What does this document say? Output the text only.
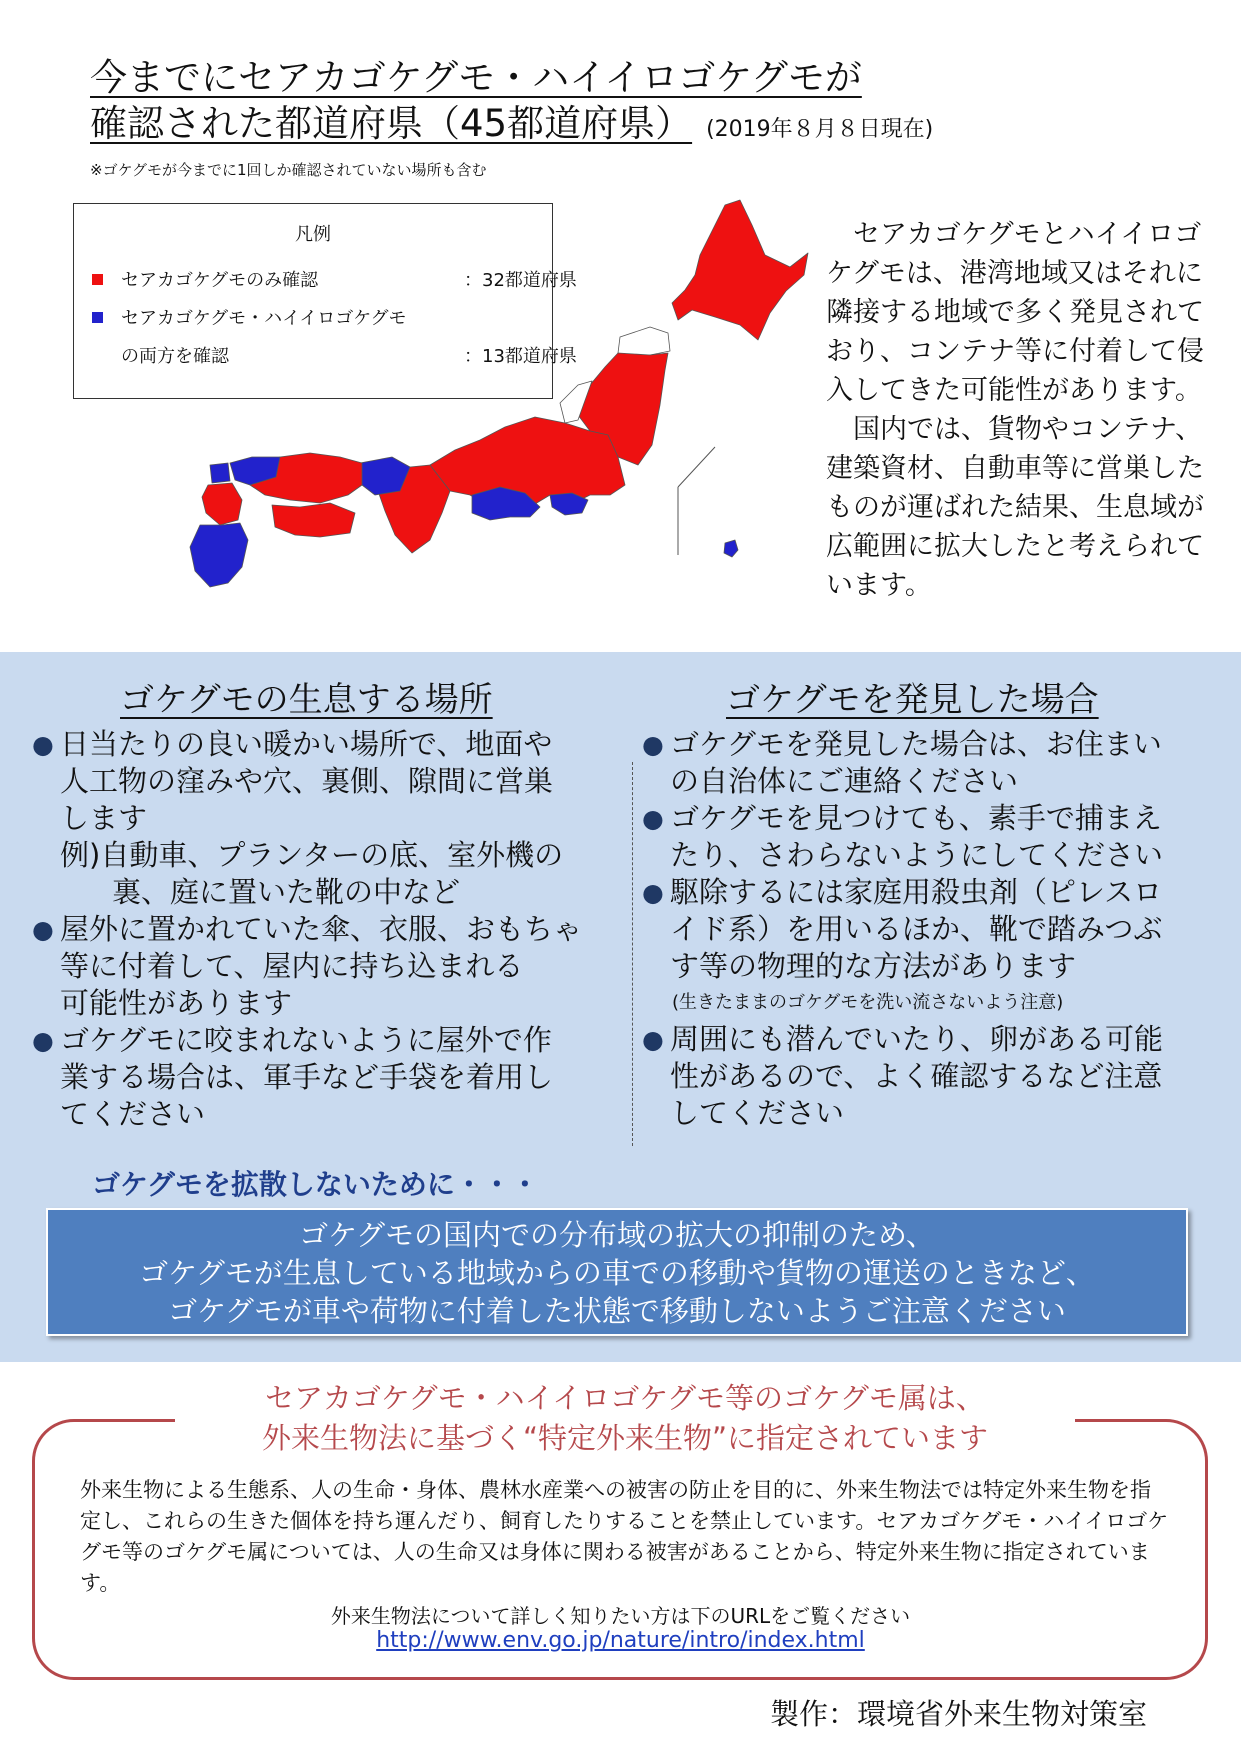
今までにセアカゴケグモ・ハイイロゴケグモが
確認された都道府県（45都道府県） (2019年８月８日現在)
※ゴケグモが今までに1回しか確認されていない場所も含む
凡例
セアカゴケグモのみ確認	：32都道府県
セアカゴケグモ・ハイイロゴケグモ
の両方を確認	：13都道府県

セアカゴケグモとハイイロゴケグモは、港湾地域又はそれに隣接する地域で多く発見されており、コンテナ等に付着して侵入してきた可能性があります。

国内では、貨物やコンテナ、建築資材、自動車等に営巣したものが運ばれた結果、生息域が広範囲に拡大したと考えられています。

ゴケグモの生息する場所	ゴケグモを発見した場合
● 日当たりの良い暖かい場所で、地面や
人工物の窪みや穴、裏側、隙間に営巣
します
例)自動車、プランターの底、室外機の
裏、庭に置いた靴の中など
● 屋外に置かれていた傘、衣服、おもちゃ
等に付着して、屋内に持ち込まれる
可能性があります
● ゴケグモに咬まれないように屋外で作
業する場合は、軍手など手袋を着用し
てください
● ゴケグモを発見した場合は、お住まい
の自治体にご連絡ください
● ゴケグモを見つけても、素手で捕まえ
たり、さわらないようにしてください
● 駆除するには家庭用殺虫剤（ピレスロ
イド系）を用いるほか、靴で踏みつぶ
す等の物理的な方法があります
(生きたままのゴケグモを洗い流さないよう注意)
● 周囲にも潜んでいたり、卵がある可能
性があるので、よく確認するなど注意
してください
ゴケグモを拡散しないために・・・
ゴケグモの国内での分布域の拡大の抑制のため、
ゴケグモが生息している地域からの車での移動や貨物の運送のときなど、
ゴケグモが車や荷物に付着した状態で移動しないようご注意ください
セアカゴケグモ・ハイイロゴケグモ等のゴケグモ属は、
外来生物法に基づく“特定外来生物”に指定されています
外来生物による生態系、人の生命・身体、農林水産業への被害の防止を目的に、外来生物法では特定外来生物を指定し、これらの生きた個体を持ち運んだり、飼育したりすることを禁止しています。セアカゴケグモ・ハイイロゴケグモ等のゴケグモ属については、人の生命又は身体に関わる被害があることから、特定外来生物に指定されています。
外来生物法について詳しく知りたい方は下のURLをご覧ください
http://www.env.go.jp/nature/intro/index.html
製作：環境省外来生物対策室
